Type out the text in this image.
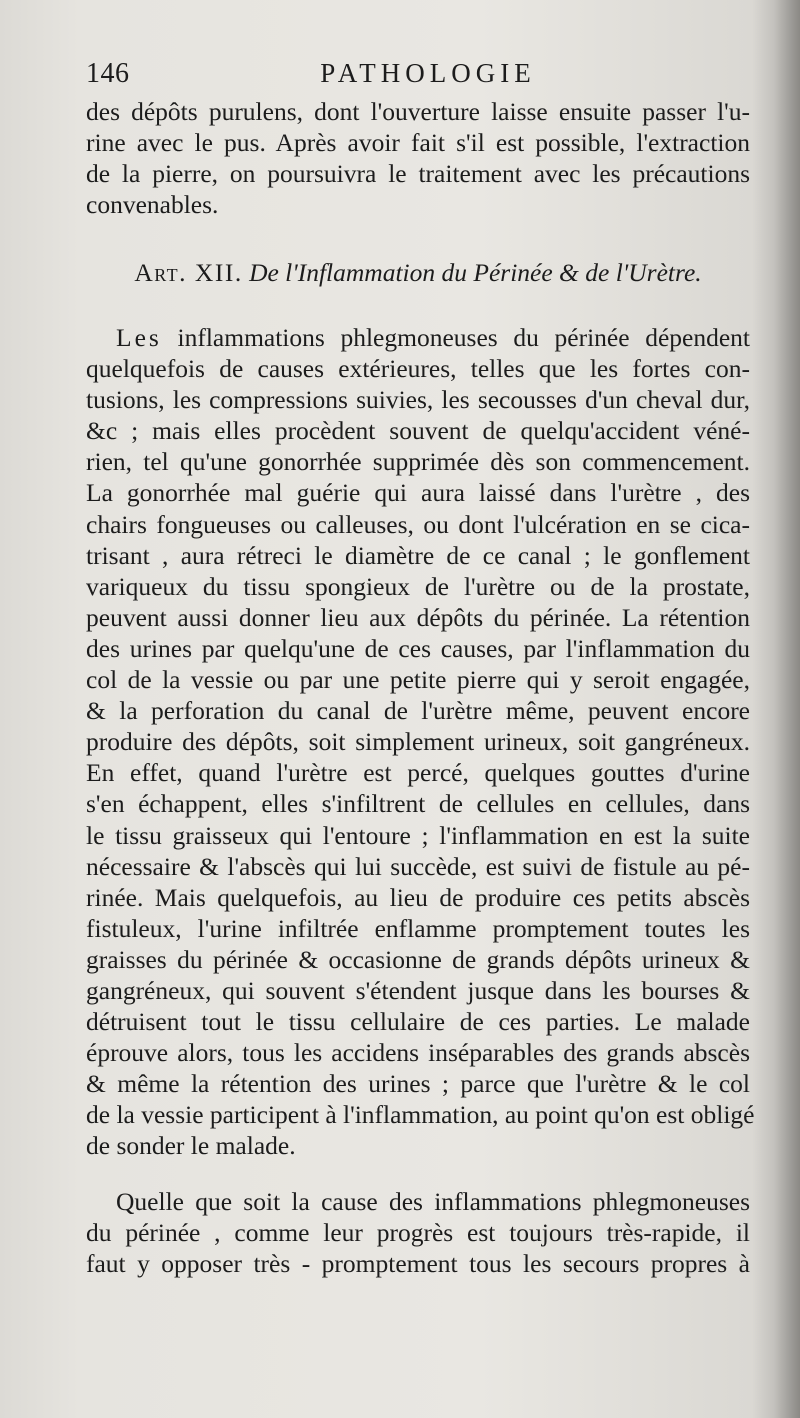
146	PATHOLOGIE
des dépôts purulens, dont l'ouverture laisse ensuite passer l'u-
rine avec le pus. Après avoir fait s'il est possible, l'extraction
de la pierre, on poursuivra le traitement avec les précautions
convenables.
Art. XII. De l'Inflammation du Périnée & de l'Urètre.
Les inflammations phlegmoneuses du périnée dépendent
quelquefois de causes extérieures, telles que les fortes con-
tusions, les compressions suivies, les secousses d'un cheval dur,
&c ; mais elles procèdent souvent de quelqu'accident véné-
rien, tel qu'une gonorrhée supprimée dès son commencement.
La gonorrhée mal guérie qui aura laissé dans l'urètre , des
chairs fongueuses ou calleuses, ou dont l'ulcération en se cica-
trisant , aura rétreci le diamètre de ce canal ; le gonflement
variqueux du tissu spongieux de l'urètre ou de la prostate,
peuvent aussi donner lieu aux dépôts du périnée. La rétention
des urines par quelqu'une de ces causes, par l'inflammation du
col de la vessie ou par une petite pierre qui y seroit engagée,
& la perforation du canal de l'urètre même, peuvent encore
produire des dépôts, soit simplement urineux, soit gangréneux.
En effet, quand l'urètre est percé, quelques gouttes d'urine
s'en échappent, elles s'infiltrent de cellules en cellules, dans
le tissu graisseux qui l'entoure ; l'inflammation en est la suite
nécessaire & l'abscès qui lui succède, est suivi de fistule au pé-
rinée. Mais quelquefois, au lieu de produire ces petits abscès
fistuleux, l'urine infiltrée enflamme promptement toutes les
graisses du périnée & occasionne de grands dépôts urineux &
gangréneux, qui souvent s'étendent jusque dans les bourses &
détruisent tout le tissu cellulaire de ces parties. Le malade
éprouve alors, tous les accidens inséparables des grands abscès
& même la rétention des urines ; parce que l'urètre & le col
de la vessie participent à l'inflammation, au point qu'on est obligé
de sonder le malade.
Quelle que soit la cause des inflammations phlegmoneuses
du périnée , comme leur progrès est toujours très-rapide, il
faut y opposer très - promptement tous les secours propres à
